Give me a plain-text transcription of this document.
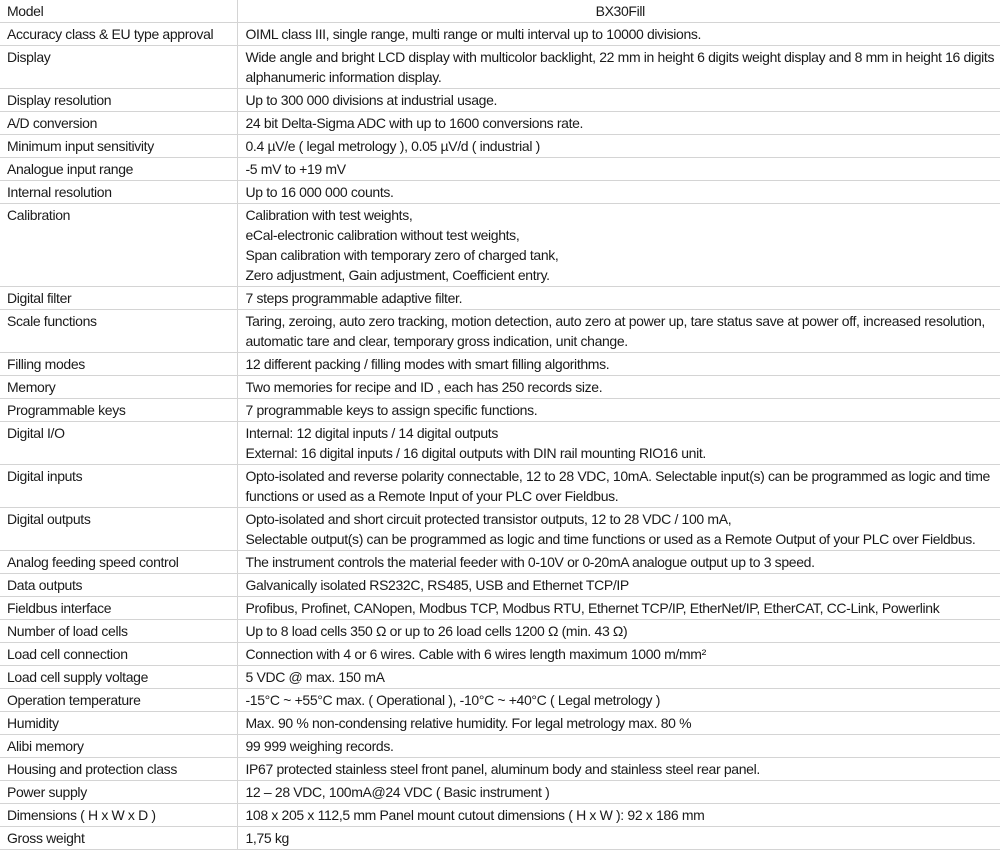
Model	BX30Fill
Accuracy class & EU type approval	OIML class III, single range, multi range or multi interval up to 10000 divisions.

Display	Wide angle and bright LCD display with multicolor backlight, 22 mm in height 6 digits weight display and 8 mm in height 16 digits alphanumeric information display.

Display resolution	Up to 300 000 divisions at industrial usage.

A/D conversion	24 bit Delta-Sigma ADC with up to 1600 conversions rate.

Minimum input sensitivity	0.4 µV/e ( legal metrology ), 0.05 µV/d ( industrial )

Analogue input range	-5 mV to +19 mV

Internal resolution	Up to 16 000 000 counts.

Calibration	Calibration with test weights,
eCal-electronic calibration without test weights,
Span calibration with temporary zero of charged tank,
Zero adjustment, Gain adjustment, Coefficient entry.

Digital filter	7 steps programmable adaptive filter.

Scale functions	Taring, zeroing, auto zero tracking, motion detection, auto zero at power up, tare status save at power off, increased resolution, automatic tare and clear, temporary gross indication, unit change.

Filling modes	12 different packing / filling modes with smart filling algorithms.

Memory	Two memories for recipe and ID , each has 250 records size.

Programmable keys	7 programmable keys to assign specific functions.

Digital I/O	Internal: 12 digital inputs / 14 digital outputs
External: 16 digital inputs / 16 digital outputs with DIN rail mounting RIO16 unit.

Digital inputs	Opto-isolated and reverse polarity connectable, 12 to 28 VDC, 10mA. Selectable input(s) can be programmed as logic and time functions or used as a Remote Input of your PLC over Fieldbus.

Digital outputs	Opto-isolated and short circuit protected transistor outputs, 12 to 28 VDC / 100 mA,
Selectable output(s) can be programmed as logic and time functions or used as a Remote Output of your PLC over Fieldbus.

Analog feeding speed control	The instrument controls the material feeder with 0-10V or 0-20mA analogue output up to 3 speed.

Data outputs	Galvanically isolated RS232C, RS485, USB and Ethernet TCP/IP

Fieldbus interface	Profibus, Profinet, CANopen, Modbus TCP, Modbus RTU, Ethernet TCP/IP, EtherNet/IP, EtherCAT, CC-Link, Powerlink

Number of load cells	Up to 8 load cells 350 Ω or up to 26 load cells 1200 Ω (min. 43 Ω)

Load cell connection	Connection with 4 or 6 wires. Cable with 6 wires length maximum 1000 m/mm²

Load cell supply voltage	5 VDC @ max. 150 mA

Operation temperature	-15°C ~ +55°C max. ( Operational ), -10°C ~ +40°C ( Legal metrology )

Humidity	Max. 90 % non-condensing relative humidity. For legal metrology max. 80 %

Alibi memory	99 999 weighing records.

Housing and protection class	IP67 protected stainless steel front panel, aluminum body and stainless steel rear panel.

Power supply	12 – 28 VDC, 100mA@24 VDC ( Basic instrument )

Dimensions ( H x W x D )	108 x 205 x 112,5 mm Panel mount cutout dimensions ( H x W ): 92 x 186 mm

Gross weight	1,75 kg
